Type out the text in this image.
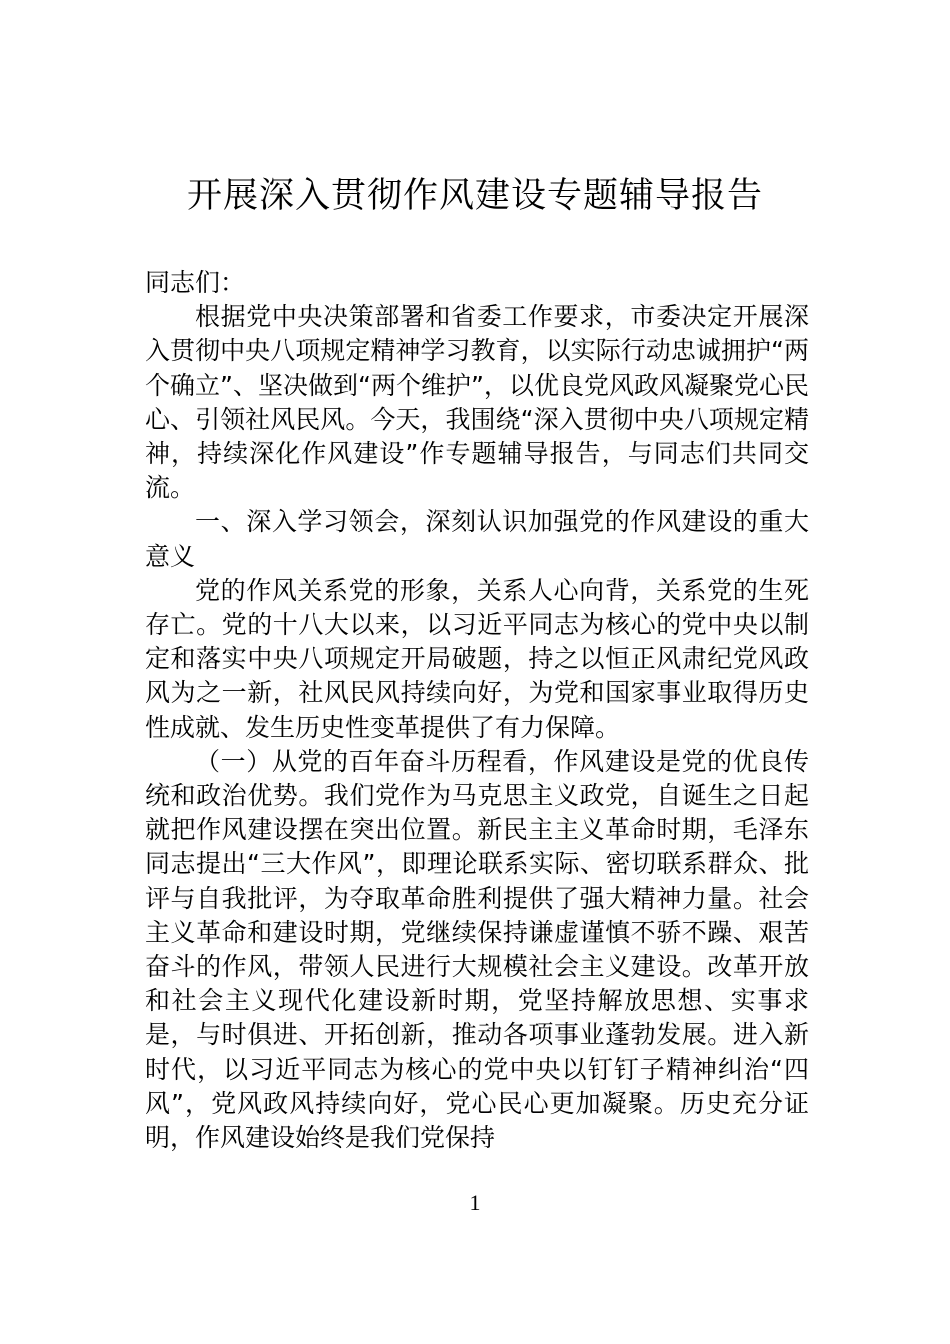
开展深入贯彻作风建设专题辅导报告

同志们：

根据党中央决策部署和省委工作要求，市委决定开展深入贯彻中央八项规定精神学习教育，以实际行动忠诚拥护“两个确立”、坚决做到“两个维护”，以优良党风政风凝聚党心民心、引领社风民风。今天，我围绕“深入贯彻中央八项规定精神，持续深化作风建设”作专题辅导报告，与同志们共同交流。

一、深入学习领会，深刻认识加强党的作风建设的重大意义

党的作风关系党的形象，关系人心向背，关系党的生死存亡。党的十八大以来，以习近平同志为核心的党中央以制定和落实中央八项规定开局破题，持之以恒正风肃纪党风政风为之一新，社风民风持续向好，为党和国家事业取得历史性成就、发生历史性变革提供了有力保障。

（一）从党的百年奋斗历程看，作风建设是党的优良传统和政治优势。我们党作为马克思主义政党，自诞生之日起就把作风建设摆在突出位置。新民主主义革命时期，毛泽东同志提出“三大作风”，即理论联系实际、密切联系群众、批评与自我批评，为夺取革命胜利提供了强大精神力量。社会主义革命和建设时期，党继续保持谦虚谨慎不骄不躁、艰苦奋斗的作风，带领人民进行大规模社会主义建设。改革开放和社会主义现代化建设新时期，党坚持解放思想、实事求是，与时俱进、开拓创新，推动各项事业蓬勃发展。进入新时代，以习近平同志为核心的党中央以钉钉子精神纠治“四风”，党风政风持续向好，党心民心更加凝聚。历史充分证明，作风建设始终是我们党保持

1
